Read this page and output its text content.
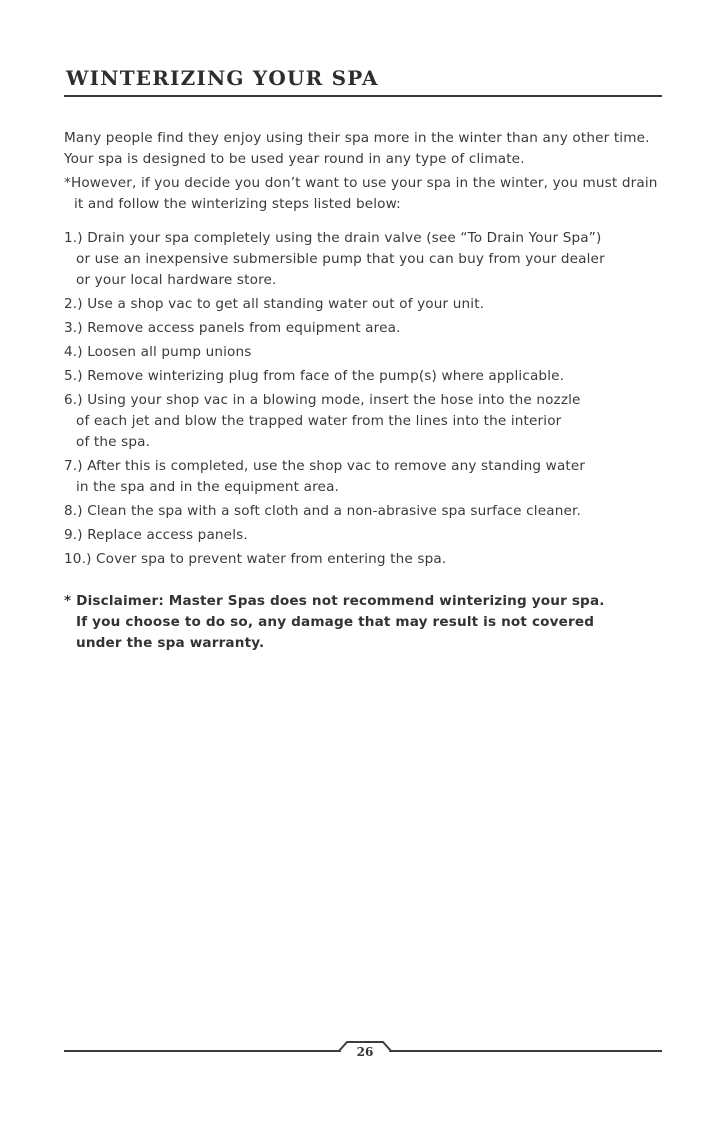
WINTERIZING YOUR SPA

Many people find they enjoy using their spa more in the winter than any other time. Your spa is designed to be used year round in any type of climate.

*However, if you decide you don’t want to use your spa in the winter, you must drain it and follow the winterizing steps listed below:

1.) Drain your spa completely using the drain valve (see “To Drain Your Spa”)
or use an inexpensive submersible pump that you can buy from your dealer
or your local hardware store.
2.) Use a shop vac to get all standing water out of your unit.
3.) Remove access panels from equipment area.
4.) Loosen all pump unions
5.) Remove winterizing plug from face of the pump(s) where applicable.
6.) Using your shop vac in a blowing mode, insert the hose into the nozzle
of each jet and blow the trapped water from the lines into the interior
of the spa.
7.) After this is completed, use the shop vac to remove any standing water
in the spa and in the equipment area.
8.) Clean the spa with a soft cloth and a non-abrasive spa surface cleaner.
9.) Replace access panels.
10.) Cover spa to prevent water from entering the spa.

* Disclaimer: Master Spas does not recommend winterizing your spa.
If you choose to do so, any damage that may result is not covered
under the spa warranty.

26
